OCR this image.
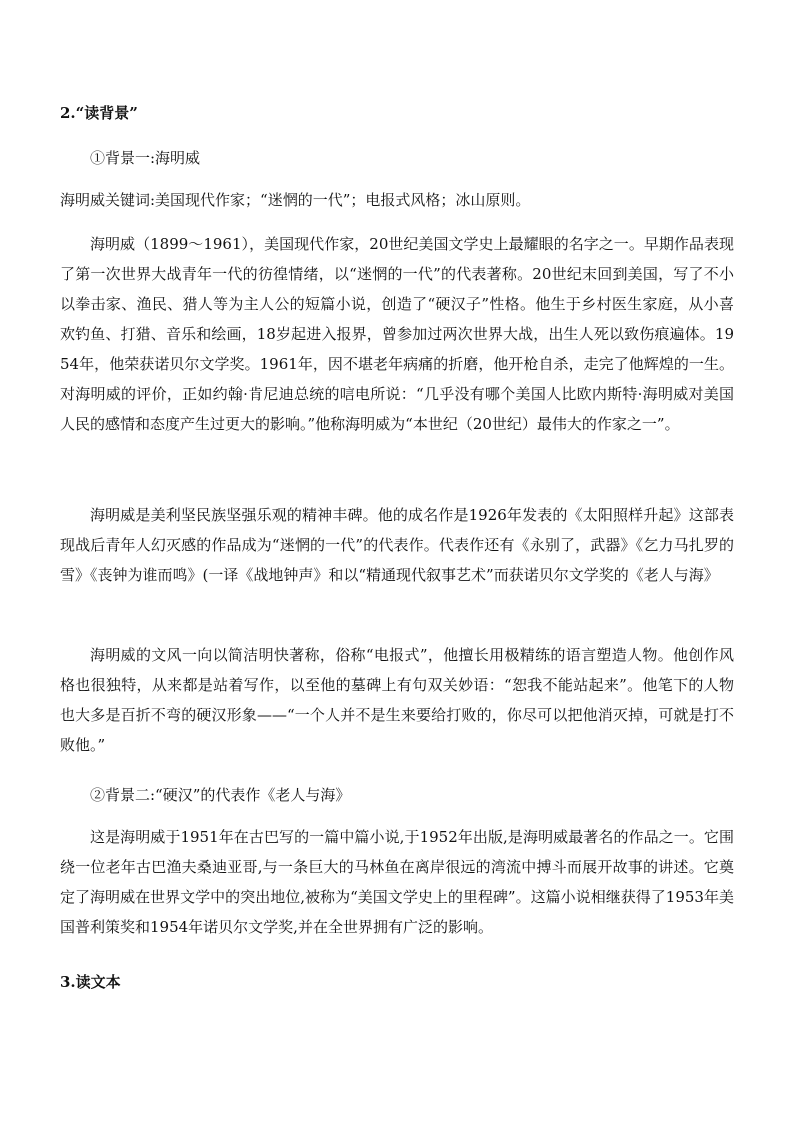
2.“读背景”
①背景一:海明威
海明威关键词:美国现代作家；“迷惘的一代”；电报式风格；冰山原则。
海明威（1899～1961），美国现代作家，20世纪美国文学史上最耀眼的名字之一。早期作品表现了第一次世界大战青年一代的彷徨情绪，以“迷惘的一代”的代表著称。20世纪末回到美国，写了不小以拳击家、渔民、猎人等为主人公的短篇小说，创造了“硬汉子”性格。他生于乡村医生家庭，从小喜欢钓鱼、打猎、音乐和绘画，18岁起进入报界，曾参加过两次世界大战，出生人死以致伤痕遍体。1954年，他荣获诺贝尔文学奖。1961年，因不堪老年病痛的折磨，他开枪自杀，走完了他辉煌的一生。对海明威的评价，正如约翰·肯尼迪总统的唁电所说：“几乎没有哪个美国人比欧内斯特·海明威对美国人民的感情和态度产生过更大的影响。”他称海明威为“本世纪（20世纪）最伟大的作家之一”。
海明威是美利坚民族坚强乐观的精神丰碑。他的成名作是1926年发表的《太阳照样升起》这部表现战后青年人幻灭感的作品成为“迷惘的一代”的代表作。代表作还有《永别了，武器》《乞力马扎罗的雪》《丧钟为谁而鸣》(一译《战地钟声》和以“精通现代叙事艺术”而获诺贝尔文学奖的《老人与海》
海明威的文风一向以简洁明快著称，俗称“电报式”，他擅长用极精练的语言塑造人物。他创作风格也很独特，从来都是站着写作，以至他的墓碑上有句双关妙语：“恕我不能站起来”。他笔下的人物也大多是百折不弯的硬汉形象——“一个人并不是生来要给打败的，你尽可以把他消灭掉，可就是打不败他。”
②背景二:“硬汉”的代表作《老人与海》
这是海明威于1951年在古巴写的一篇中篇小说,于1952年出版,是海明威最著名的作品之一。它围绕一位老年古巴渔夫桑迪亚哥,与一条巨大的马林鱼在离岸很远的湾流中搏斗而展开故事的讲述。它奠定了海明威在世界文学中的突出地位,被称为“美国文学史上的里程碑”。这篇小说相继获得了1953年美国普利策奖和1954年诺贝尔文学奖,并在全世界拥有广泛的影响。
3.读文本
